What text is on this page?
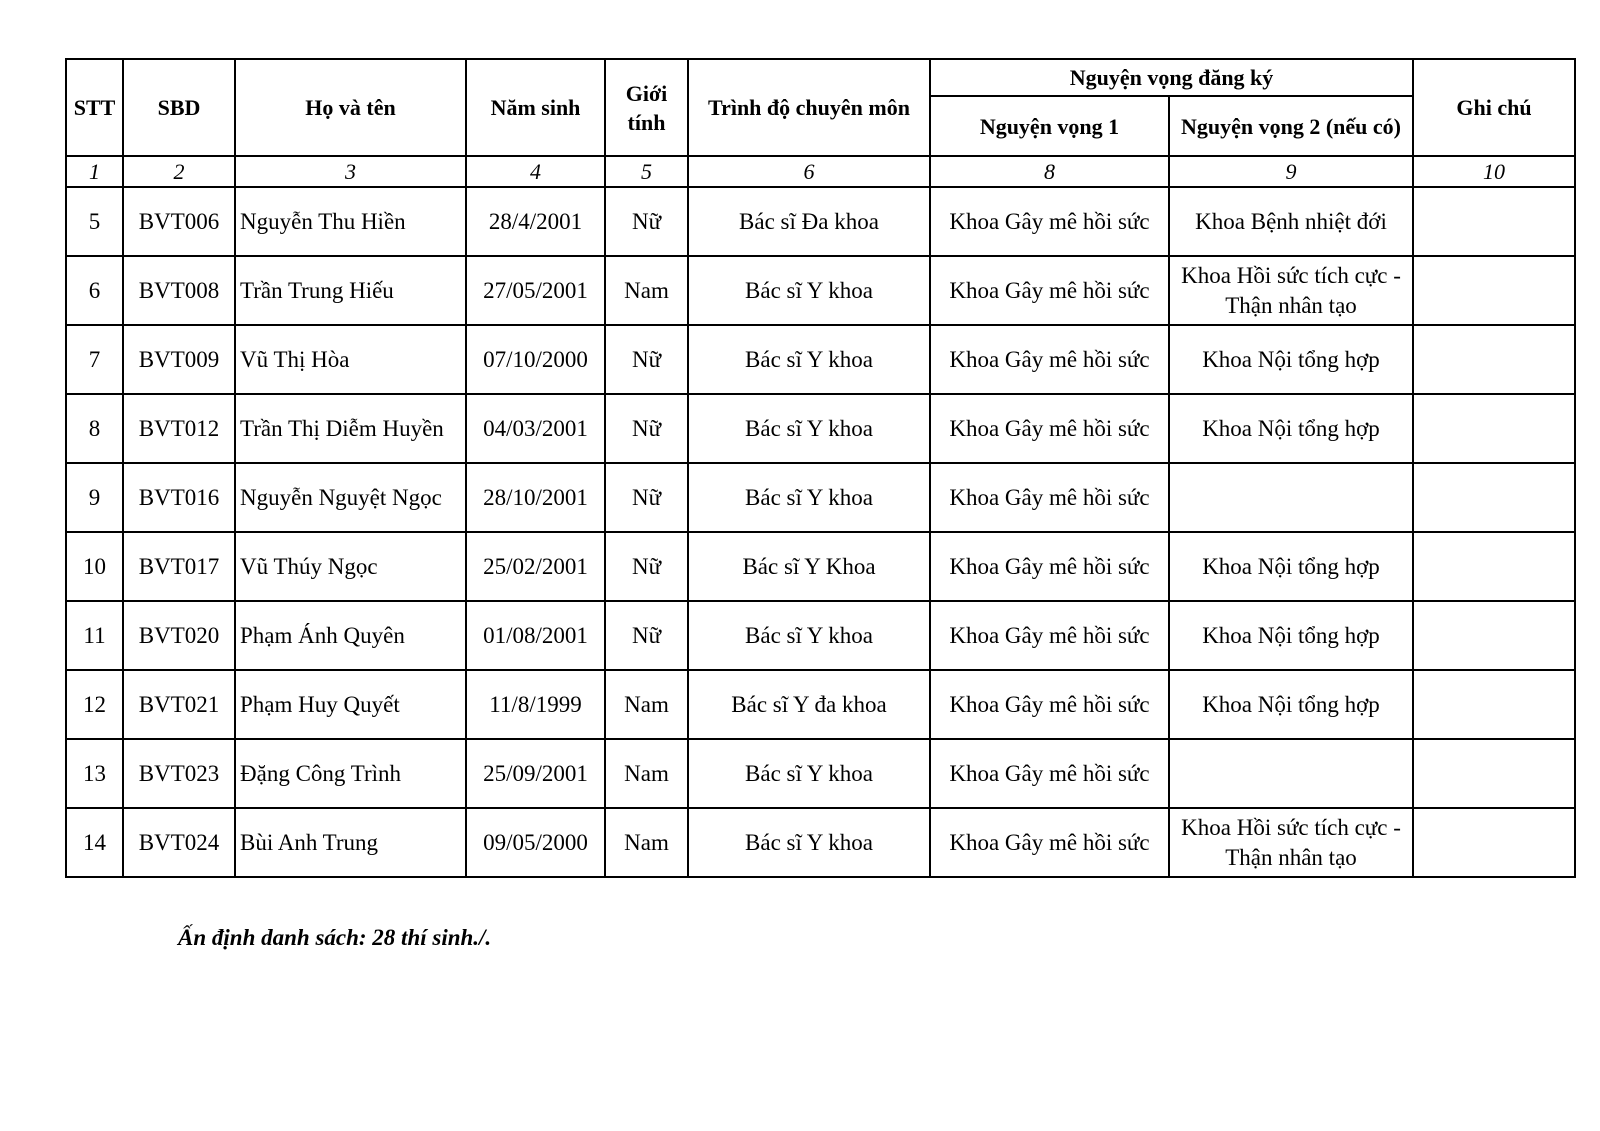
STT	SBD	Họ và tên	Năm sinh	Giới tính	Trình độ chuyên môn	Nguyện vọng đăng ký		Ghi chú
						Nguyện vọng 1	Nguyện vọng 2 (nếu có)	
1	2	3	4	5	6	8	9	10
5	BVT006	Nguyễn Thu Hiền	28/4/2001	Nữ	Bác sĩ Đa khoa	Khoa Gây mê hồi sức	Khoa Bệnh nhiệt đới	
6	BVT008	Trần Trung Hiếu	27/05/2001	Nam	Bác sĩ Y khoa	Khoa Gây mê hồi sức	Khoa Hồi sức tích cực - Thận nhân tạo	
7	BVT009	Vũ Thị Hòa	07/10/2000	Nữ	Bác sĩ Y khoa	Khoa Gây mê hồi sức	Khoa Nội tổng hợp	
8	BVT012	Trần Thị Diễm Huyền	04/03/2001	Nữ	Bác sĩ Y khoa	Khoa Gây mê hồi sức	Khoa Nội tổng hợp	
9	BVT016	Nguyễn Nguyệt Ngọc	28/10/2001	Nữ	Bác sĩ Y khoa	Khoa Gây mê hồi sức		
10	BVT017	Vũ Thúy Ngọc	25/02/2001	Nữ	Bác sĩ Y Khoa	Khoa Gây mê hồi sức	Khoa Nội tổng hợp	
11	BVT020	Phạm Ánh Quyên	01/08/2001	Nữ	Bác sĩ Y khoa	Khoa Gây mê hồi sức	Khoa Nội tổng hợp	
12	BVT021	Phạm Huy Quyết	11/8/1999	Nam	Bác sĩ Y đa khoa	Khoa Gây mê hồi sức	Khoa Nội tổng hợp	
13	BVT023	Đặng Công Trình	25/09/2001	Nam	Bác sĩ Y khoa	Khoa Gây mê hồi sức		
14	BVT024	Bùi Anh Trung	09/05/2000	Nam	Bác sĩ Y khoa	Khoa Gây mê hồi sức	Khoa Hồi sức tích cực - Thận nhân tạo	
Ấn định danh sách: 28 thí sinh./.
